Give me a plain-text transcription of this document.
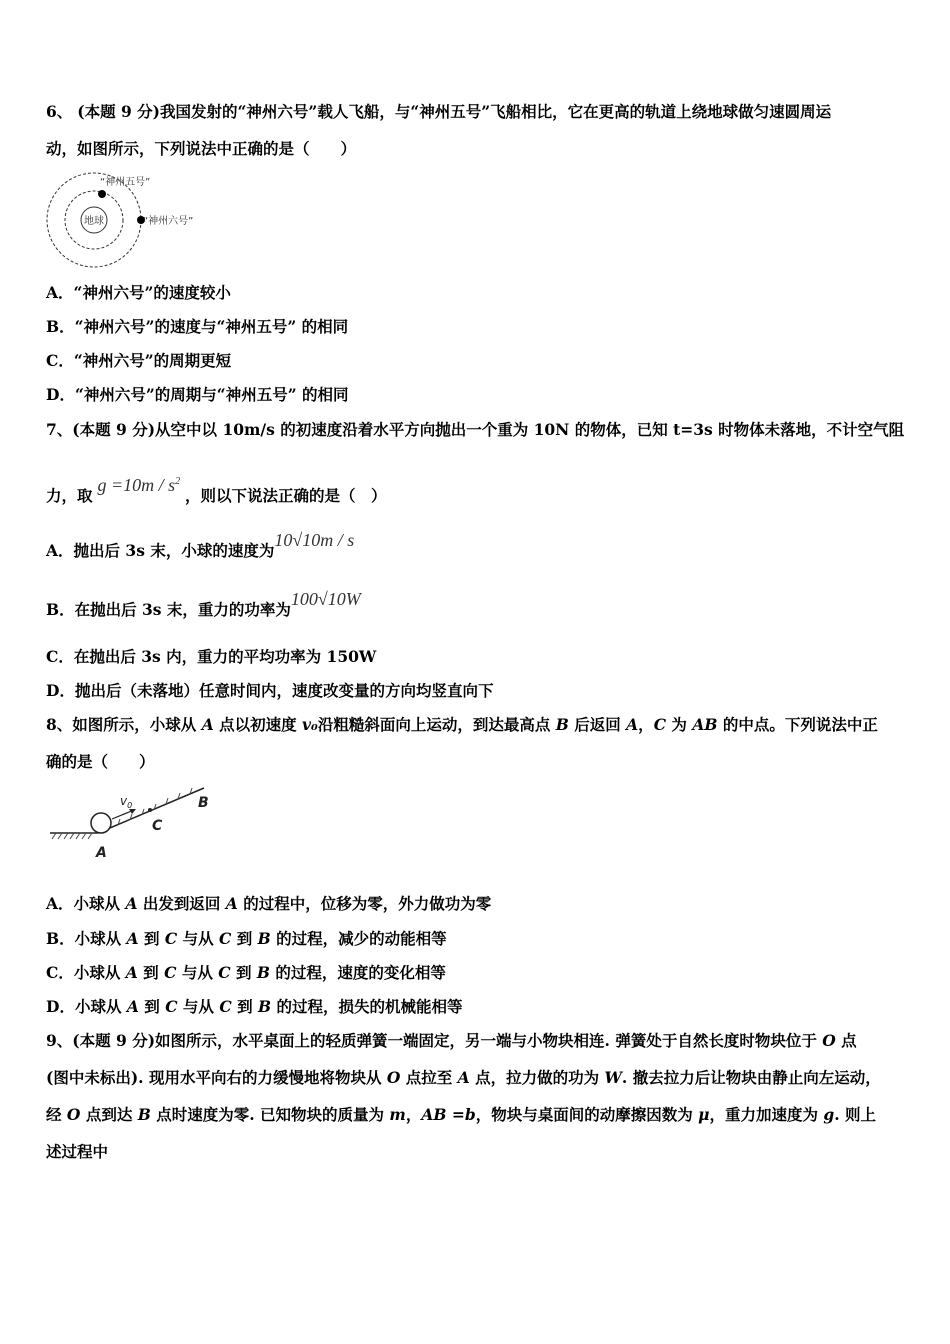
6、 (本题 9 分)我国发射的“神州六号”载人飞船，与“神州五号”飞船相比，它在更高的轨道上绕地球做匀速圆周运
动，如图所示，下列说法中正确的是（　　）
地球
“神州五号”
“神州六号”
A．“神州六号”的速度较小
B．“神州六号”的速度与“神州五号” 的相同
C．“神州六号”的周期更短
D．“神州六号”的周期与“神州五号” 的相同
7、(本题 9 分)从空中以 10m/s 的初速度沿着水平方向抛出一个重为 10N 的物体，已知 t=3s 时物体未落地，不计空气阻
力，取 $g =10m / s^2$ ，则以下说法正确的是（　）
A．抛出后 3s 末，小球的速度为10√10m / s
B．在抛出后 3s 末，重力的功率为100√10W
C．在抛出后 3s 内，重力的平均功率为 150W
D．抛出后（未落地）任意时间内，速度改变量的方向均竖直向下
8、如图所示，小球从 A 点以初速度 v₀沿粗糙斜面向上运动，到达最高点 B 后返回 A，C 为 AB 的中点。下列说法中正
确的是（　　）
$v_0$
C
A
B
A．小球从 A 出发到返回 A 的过程中，位移为零，外力做功为零
B．小球从 A 到 C 与从 C 到 B 的过程，减少的动能相等
C．小球从 A 到 C 与从 C 到 B 的过程，速度的变化相等
D．小球从 A 到 C 与从 C 到 B 的过程，损失的机械能相等
9、(本题 9 分)如图所示，水平桌面上的轻质弹簧一端固定，另一端与小物块相连. 弹簧处于自然长度时物块位于 O 点
(图中未标出). 现用水平向右的力缓慢地将物块从 O 点拉至 A 点，拉力做的功为 W. 撤去拉力后让物块由静止向左运动，
经 O 点到达 B 点时速度为零. 已知物块的质量为 m，AB =b，物块与桌面间的动摩擦因数为 μ，重力加速度为 g. 则上
述过程中
